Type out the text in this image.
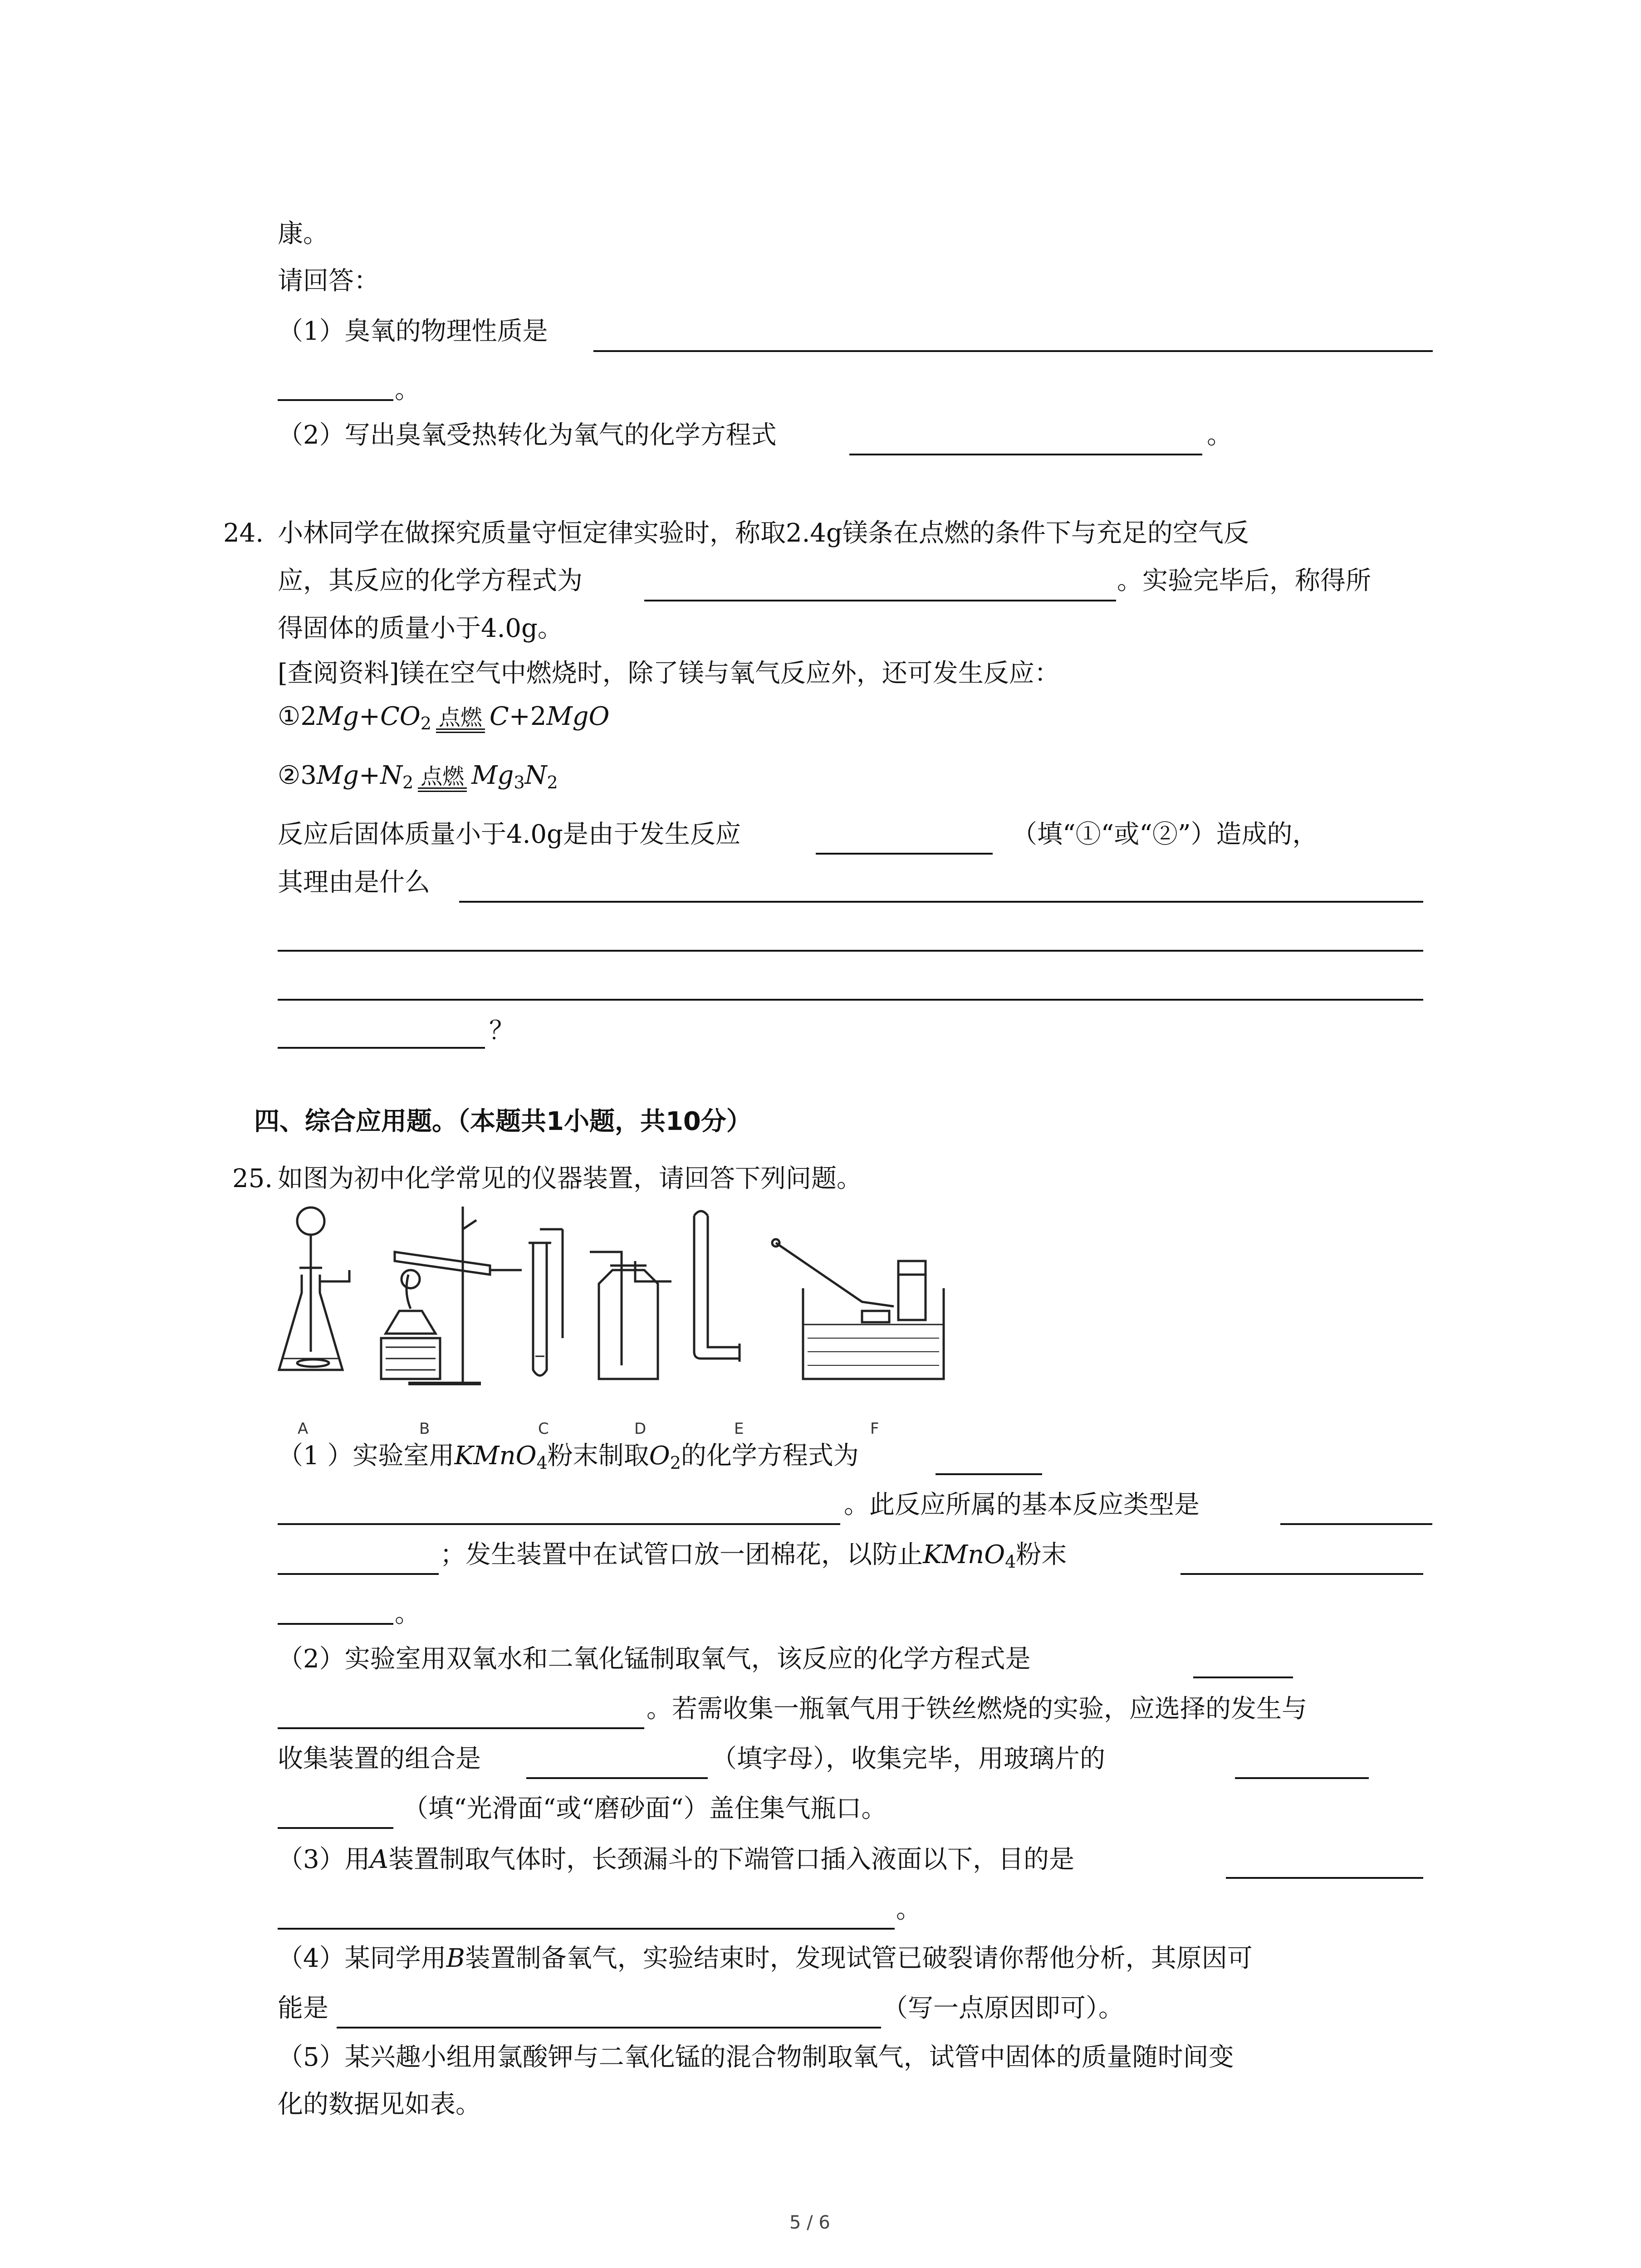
康。
请回答：
（1）臭氧的物理性质是
。
（2）写出臭氧受热转化为氧气的化学方程式	。
24. 小林同学在做探究质量守恒定律实验时，称取2.4g镁条在点燃的条件下与充足的空气反
应，其反应的化学方程式为	。实验完毕后，称得所
得固体的质量小于4.0g。
[查阅资料]镁在空气中燃烧时，除了镁与氧气反应外，还可发生反应：
$①2Mg+CO_2$ 点燃 C+2MgO
$②3Mg+N_2$ 点燃 $Mg_3N_2$
反应后固体质量小于4.0g是由于发生反应	（填“①“或“②”）造成的，
其理由是什么
？
四、综合应用题。（本题共1小题，共10分）
25. 如图为初中化学常见的仪器装置，请回答下列问题。
A	B	C	D	E	F
（1 ）实验室用KMnO$_4$粉末制取$O_2$的化学方程式为
。此反应所属的基本反应类型是
；发生装置中在试管口放一团棉花，以防止KMnO$_4$粉末
。
（2）实验室用双氧水和二氧化锰制取氧气，该反应的化学方程式是
。若需收集一瓶氧气用于铁丝燃烧的实验，应选择的发生与
收集装置的组合是	（填字母），收集完毕，用玻璃片的
（填“光滑面“或“磨砂面“）盖住集气瓶口。
（3）用A装置制取气体时，长颈漏斗的下端管口插入液面以下，目的是
。
（4）某同学用B装置制备氧气，实验结束时，发现试管已破裂请你帮他分析，其原因可
能是	（写一点原因即可）。
（5）某兴趣小组用氯酸钾与二氧化锰的混合物制取氧气，试管中固体的质量随时间变
化的数据见如表。
5 / 6
